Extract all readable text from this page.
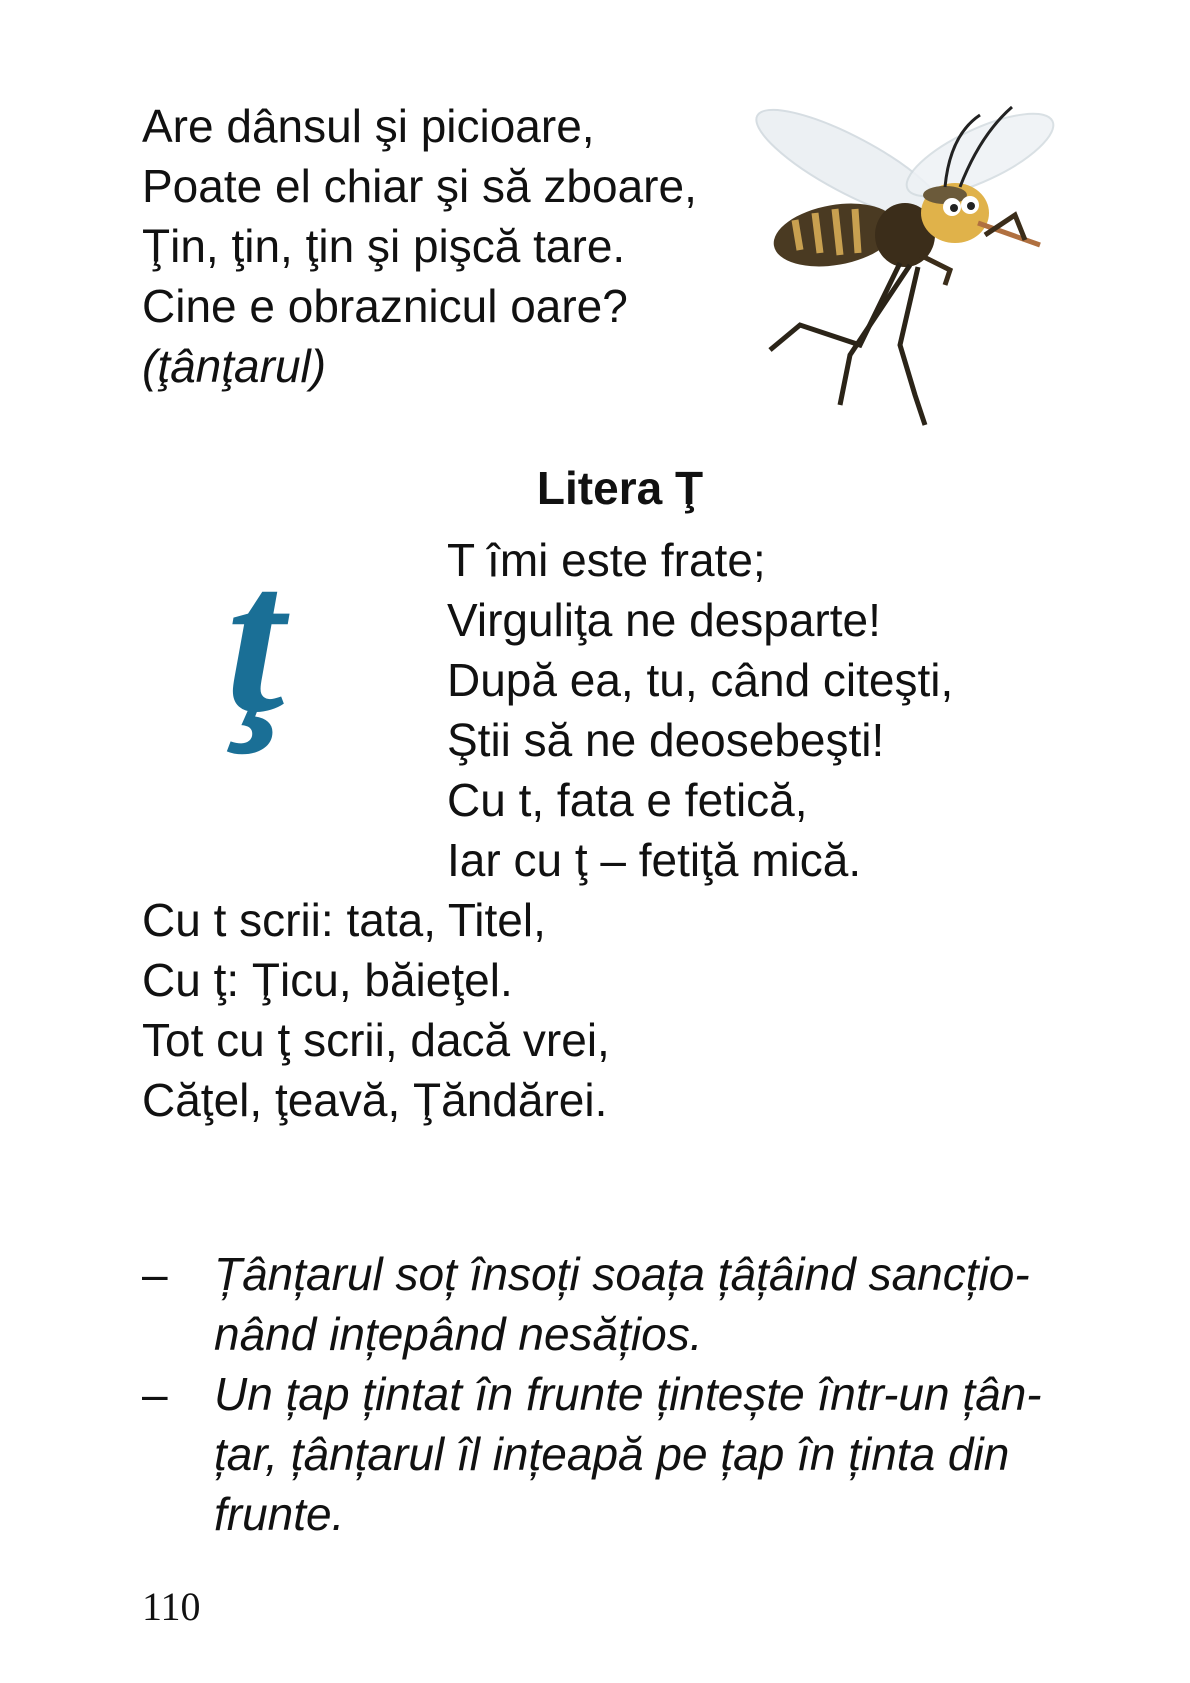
Are dânsul şi picioare,
Poate el chiar şi să zboare,
Ţin, ţin, ţin şi pişcă tare.
Cine e obraznicul oare?
(ţânţarul)
Litera Ţ
ţ	T îmi este frate;
Virguliţa ne desparte!
După ea, tu, când citeşti,
Ştii să ne deosebeşti!
Cu t, fata e fetică,
Iar cu ţ – fetiţă mică.
Cu t scrii: tata, Titel,
Cu ţ: Ţicu, băieţel.
Tot cu ţ scrii, dacă vrei,
Căţel, ţeavă, Ţăndărei.
– Țânțarul soț însoți soața țâțâind sancțio-
nând ințepând nesățios.
– Un țap țintat în frunte țintește într-un țân-
țar, țânțarul îl ințeapă pe țap în ținta din
frunte.
110
